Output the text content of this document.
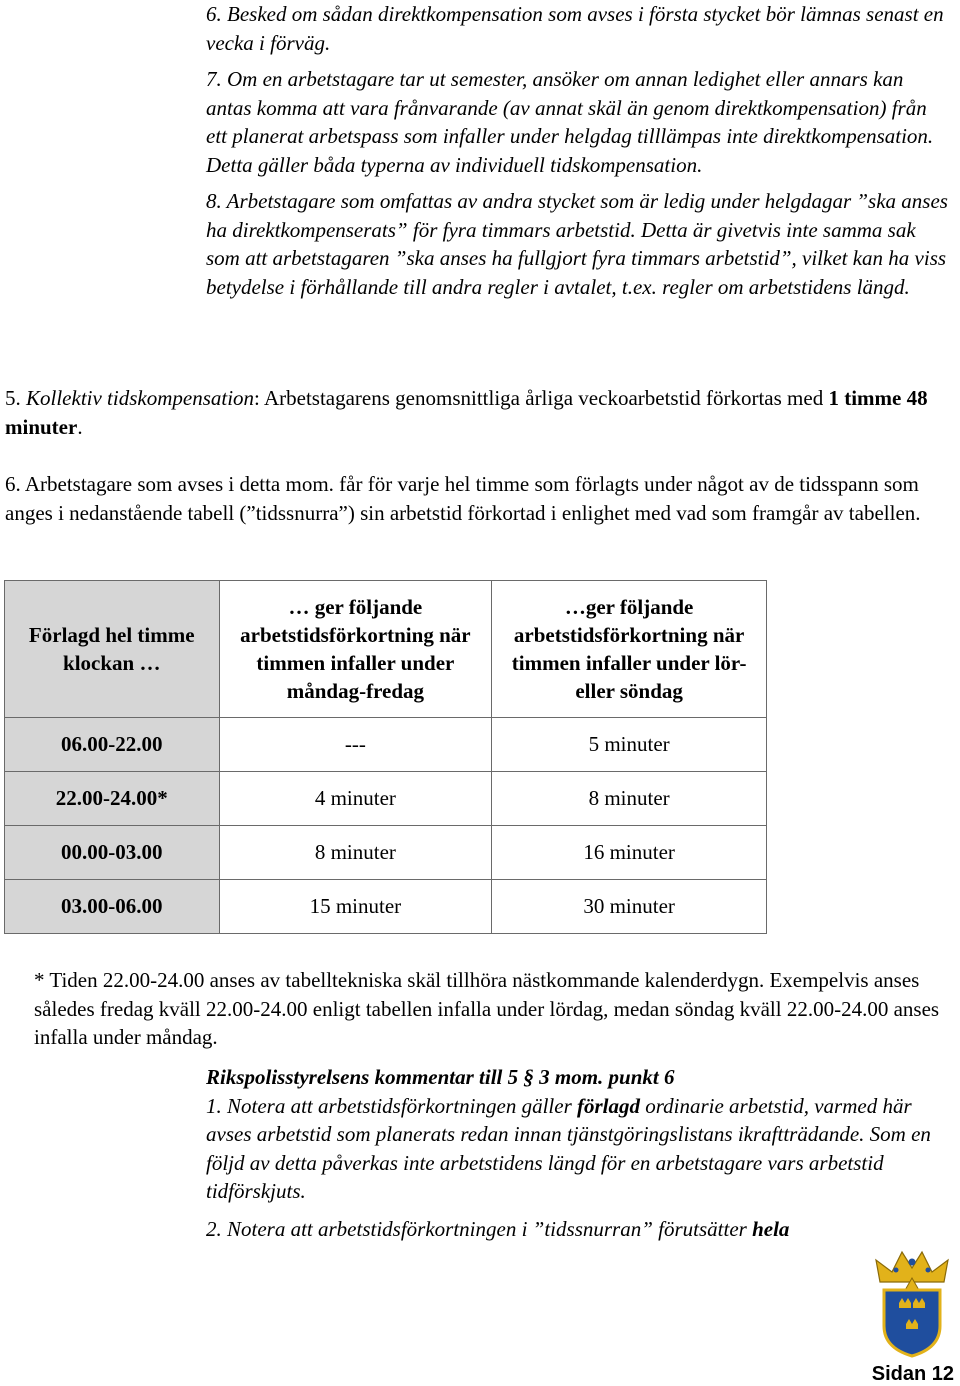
6. Besked om sådan direktkompensation som avses i första stycket bör lämnas senast en vecka i förväg.

7. Om en arbetstagare tar ut semester, ansöker om annan ledighet eller annars kan antas komma att vara frånvarande (av annat skäl än genom direktkompensation) från ett planerat arbetspass som infaller under helgdag tilllämpas inte direktkompensation. Detta gäller båda typerna av individuell tidskompensation.

8. Arbetstagare som omfattas av andra stycket som är ledig under helgdagar ”ska anses ha direktkompenserats” för fyra timmars arbetstid. Detta är givetvis inte samma sak som att arbetstagaren ”ska anses ha fullgjort fyra timmars arbetstid”, vilket kan ha viss betydelse i förhållande till andra regler i avtalet, t.ex. regler om arbetstidens längd.

5. Kollektiv tidskompensation: Arbetstagarens genomsnittliga årliga veckoarbetstid förkortas med 1 timme 48 minuter.

6. Arbetstagare som avses i detta mom. får för varje hel timme som förlagts under något av de tidsspann som anges i nedanstående tabell (”tidssnurra”) sin arbetstid förkortad i enlighet med vad som framgår av tabellen.

Förlagd hel timme klockan …	… ger följande arbetstidsförkortning när timmen infaller under måndag-fredag	…ger följande arbetstidsförkortning när timmen infaller under lör- eller söndag
06.00-22.00	---	5 minuter
22.00-24.00*	4 minuter	8 minuter
00.00-03.00	8 minuter	16 minuter
03.00-06.00	15 minuter	30 minuter

* Tiden 22.00-24.00 anses av tabelltekniska skäl tillhöra nästkommande kalenderdygn. Exempelvis anses således fredag kväll 22.00-24.00 enligt tabellen infalla under lördag, medan söndag kväll 22.00-24.00 anses infalla under måndag.

Rikspolisstyrelsens kommentar till 5 § 3 mom. punkt 6

1. Notera att arbetstidsförkortningen gäller förlagd ordinarie arbetstid, varmed här avses arbetstid som planerats redan innan tjänstgöringslistans ikraftträdande. Som en följd av detta påverkas inte arbetstidens längd för en arbetstagare vars arbetstid tidförskjuts.

2. Notera att arbetstidsförkortningen i ”tidssnurran” förutsätter hela

Sidan 12
